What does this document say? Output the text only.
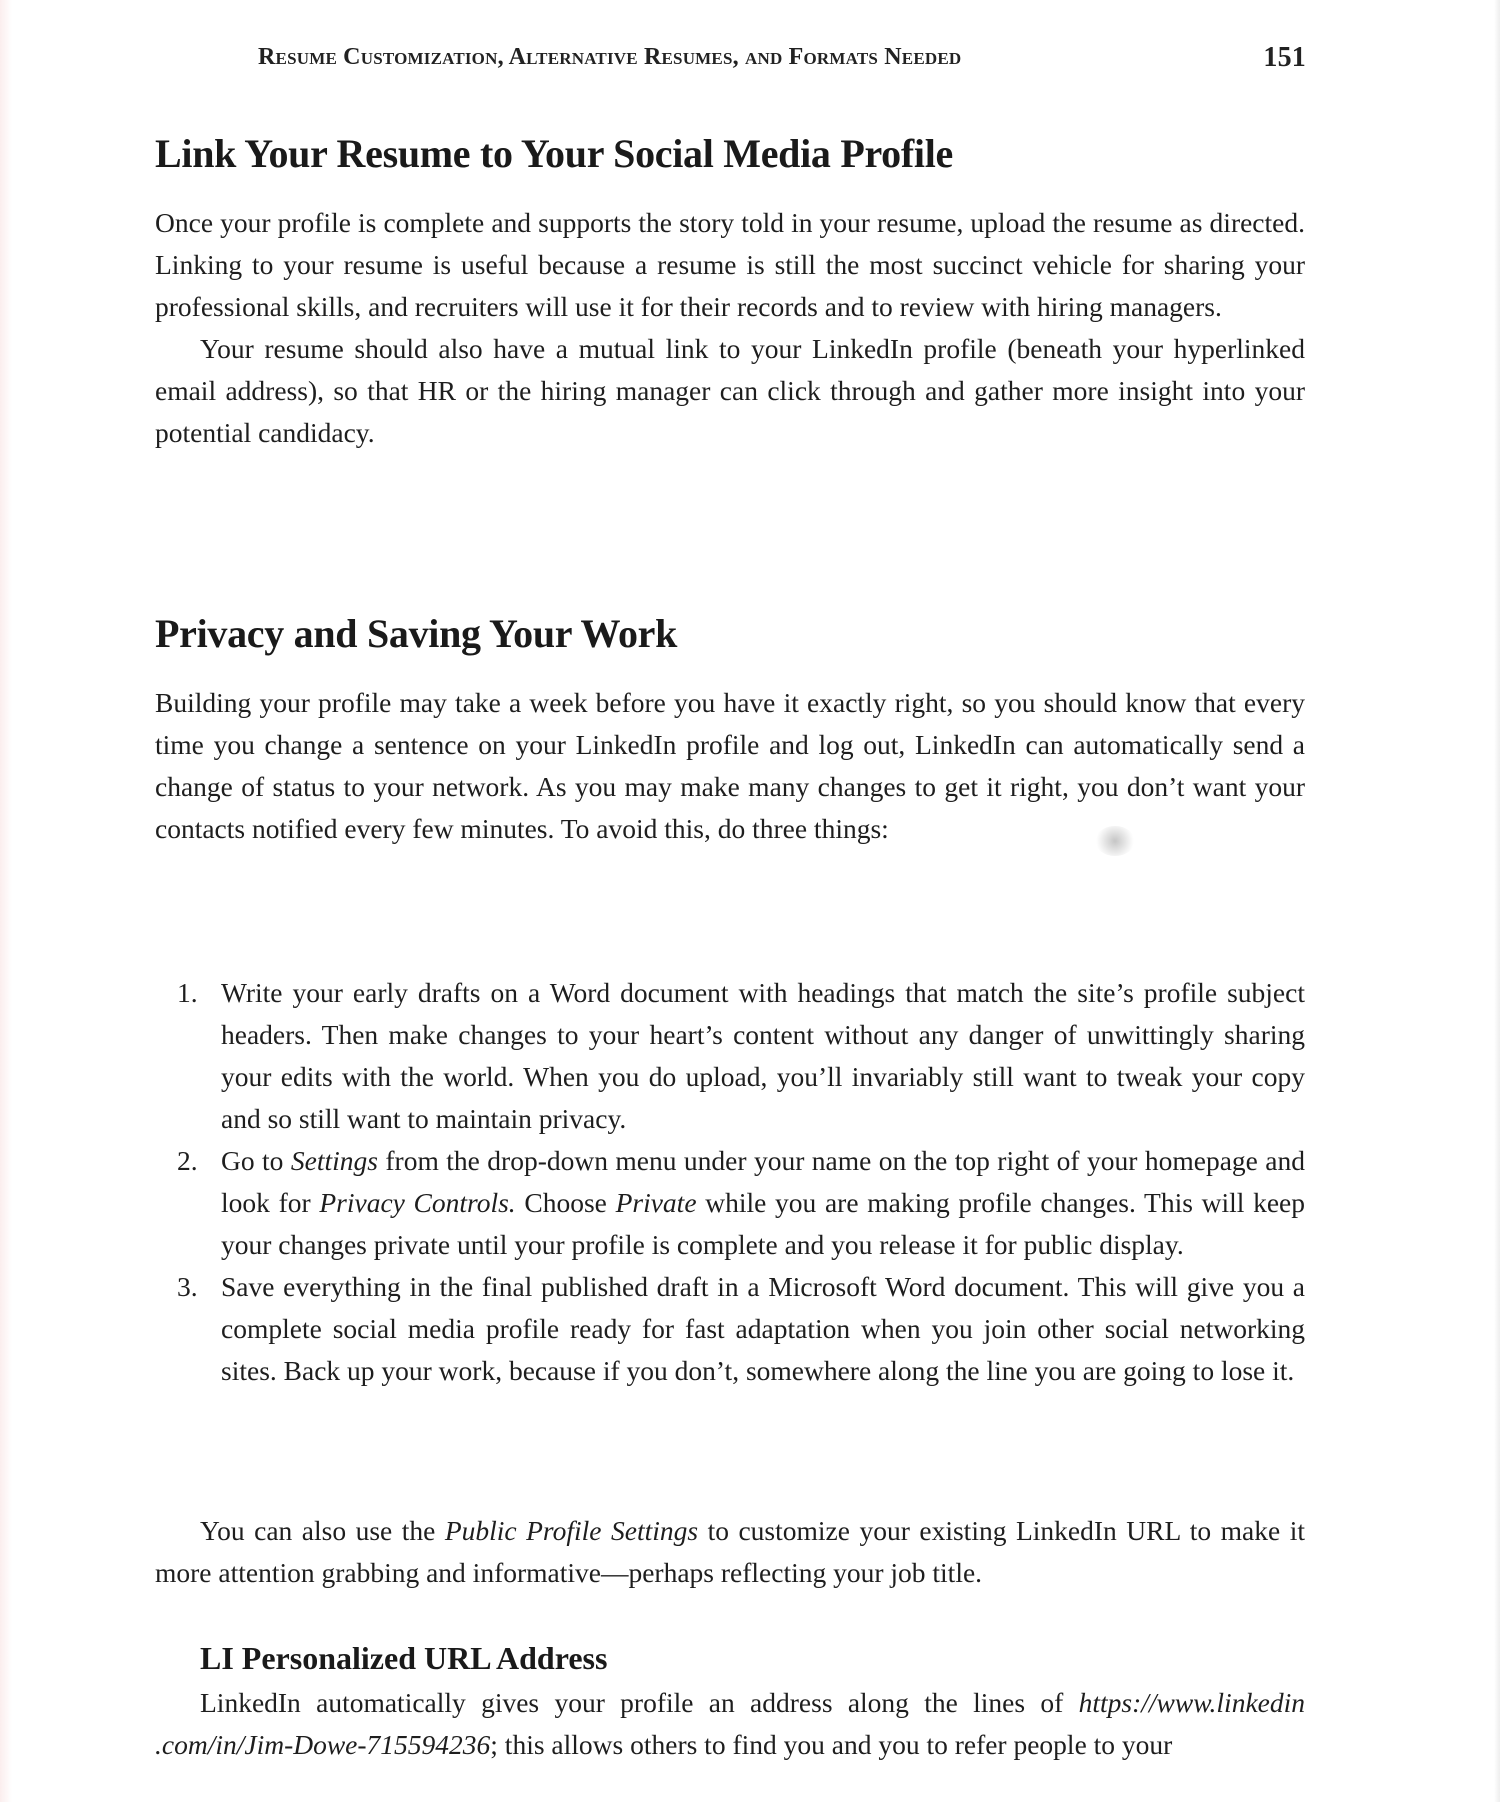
Resume Customization, Alternative Resumes, and Formats Needed	151
Link Your Resume to Your Social Media Profile

Once your profile is complete and supports the story told in your resume, upload the resume as directed. Linking to your resume is useful because a resume is still the most succinct vehicle for sharing your professional skills, and recruiters will use it for their records and to review with hiring managers.

Your resume should also have a mutual link to your LinkedIn profile (beneath your hyperlinked email address), so that HR or the hiring manager can click through and gather more insight into your potential candidacy.

Privacy and Saving Your Work

Building your profile may take a week before you have it exactly right, so you should know that every time you change a sentence on your LinkedIn profile and log out, LinkedIn can automatically send a change of status to your network. As you may make many changes to get it right, you don’t want your contacts notified every few minutes. To avoid this, do three things:

1. Write your early drafts on a Word document with headings that match the site’s profile subject headers. Then make changes to your heart’s content without any danger of unwittingly sharing your edits with the world. When you do upload, you’ll invariably still want to tweak your copy and so still want to maintain privacy.
2. Go to Settings from the drop-down menu under your name on the top right of your homepage and look for Privacy Controls. Choose Private while you are making profile changes. This will keep your changes private until your profile is complete and you release it for public display.
3. Save everything in the final published draft in a Microsoft Word document. This will give you a complete social media profile ready for fast adaptation when you join other social networking sites. Back up your work, because if you don’t, somewhere along the line you are going to lose it.

You can also use the Public Profile Settings to customize your existing LinkedIn URL to make it more attention grabbing and informative—perhaps reflecting your job title.

LI Personalized URL Address

LinkedIn automatically gives your profile an address along the lines of https://www.linkedin .com/in/Jim-Dowe-715594236; this allows others to find you and you to refer people to your
